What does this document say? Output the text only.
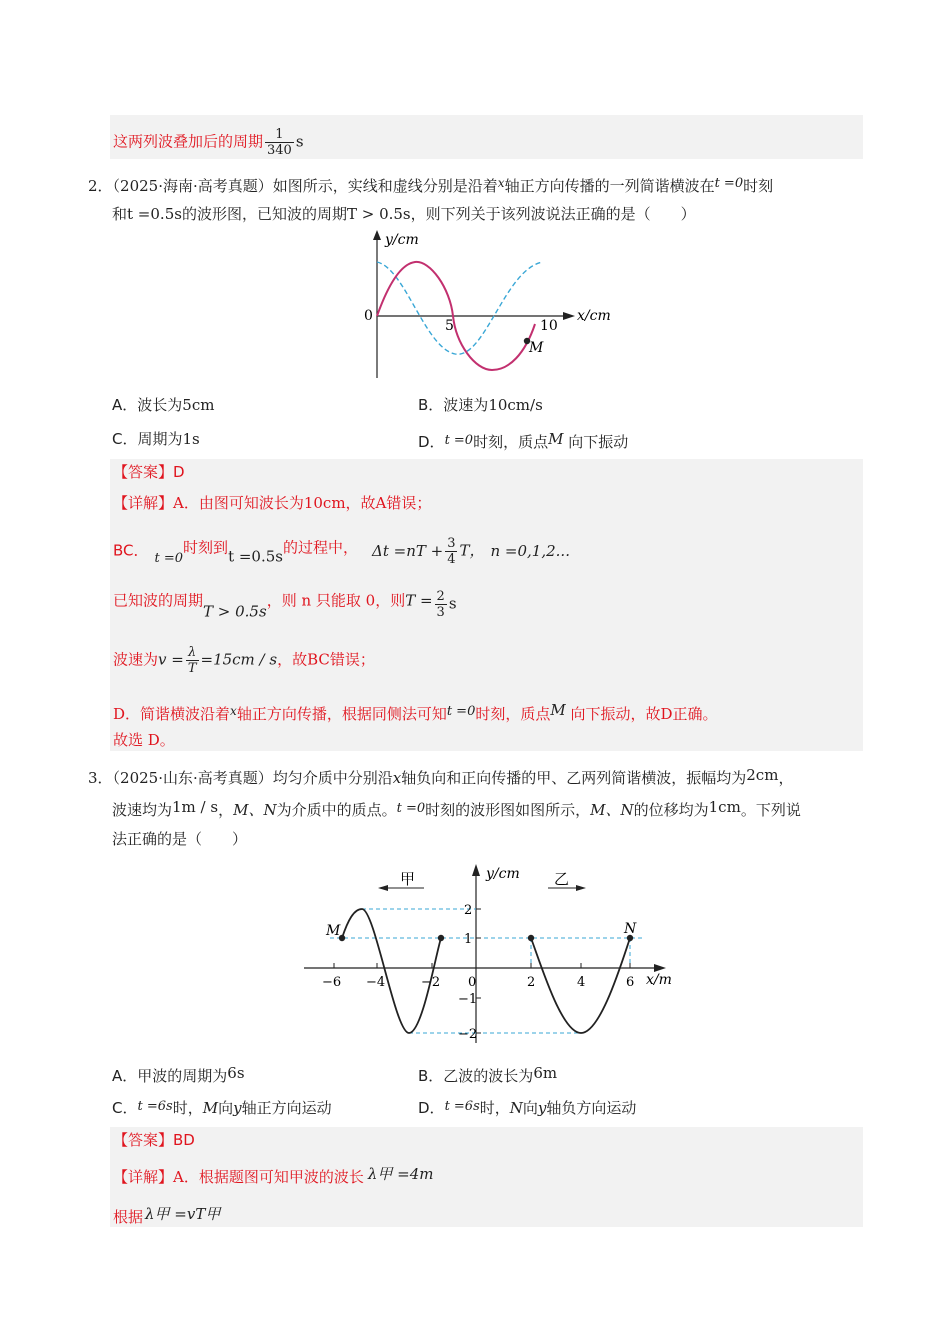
这两列波叠加后的周期 $\frac{1}{340}$ s
2．（2025·海南·高考真题）如图所示，实线和虚线分别是沿着$^x$轴正方向传播的一列简谐横波在t =0时刻
和t =0.5s的波形图，已知波的周期T > 0.5s，则下列关于该列波说法正确的是（　　）
y/cm
x/cm
0
5	10
M
A．波长为5cm	B．波速为10cm/s
C．周期为1s	D．t =0时刻，质点M 向下振动
【答案】D
【详解】A．由图可知波长为10cm，故A错误；
BC． t =0时刻到t =0.5s的过程中， $\Delta t =nT + \frac{3}{4}$ T， n =0,1,2...
已知波的周期T > 0.5s，则 n 只能取 0，则$T = \frac{2}{3}$ s
波速为$v = \frac{\lambda}{T} =15cm / s$，故BC错误；
D．简谐横波沿着$^x$轴正方向传播，根据同侧法可知t =0时刻，质点M 向下振动，故D正确。
故选 D。
3．（2025·山东·高考真题）均匀介质中分别沿x轴负向和正向传播的甲、乙两列简谐横波，振幅均为2cm，
波速均为1m / s，M、N为介质中的质点。t =0时刻的波形图如图所示，M、N的位移均为1cm。下列说
法正确的是（　　）
甲	乙
y/cm
x/m
M	N
−6 −4	−2 0	2	4	6
2
1
−1
−2
A．甲波的周期为6s	B．乙波的波长为6m
C．t =6s时，M向y轴正方向运动	D．t =6s时，N向y轴负方向运动
【答案】BD
【详解】A．根据题图可知甲波的波长 λ甲 =4m
根据 λ甲 =vT甲
